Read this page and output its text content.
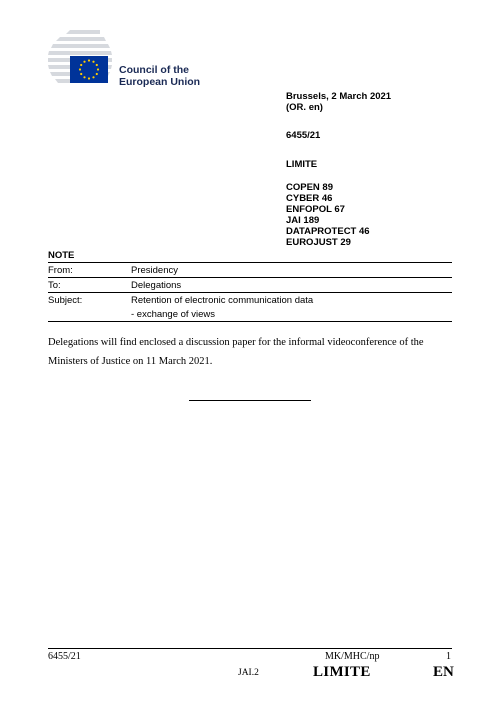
Council of the
European Union
Brussels, 2 March 2021
(OR. en)
6455/21
LIMITE
COPEN 89
CYBER 46
ENFOPOL 67
JAI 189
DATAPROTECT 46
EUROJUST 29
NOTE
From:	Presidency
To:	Delegations
Subject:	Retention of electronic communication data
- exchange of views
Delegations will find enclosed a discussion paper for the informal videoconference of the Ministers of Justice on 11 March 2021.
6455/21	MK/MHC/np	1
JAI.2	LIMITE	EN
